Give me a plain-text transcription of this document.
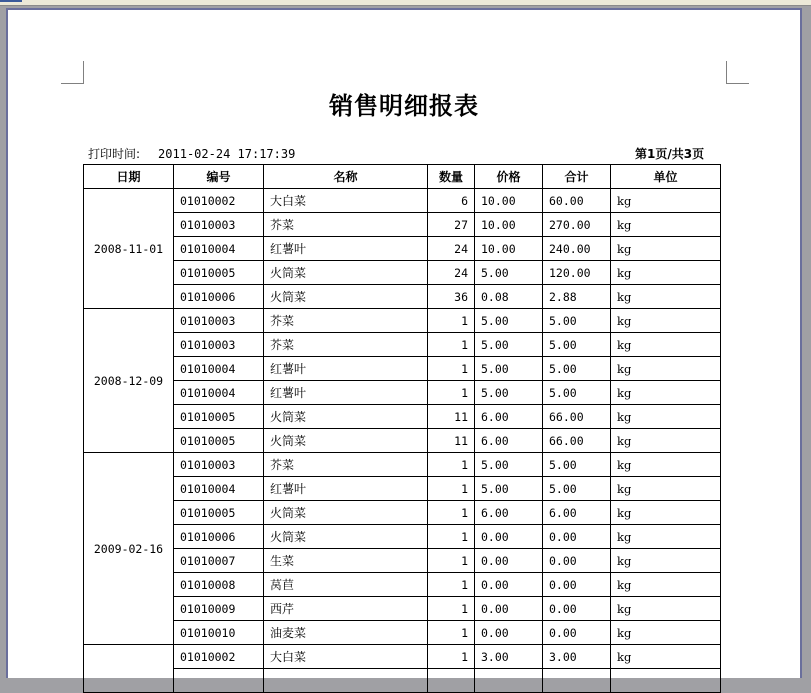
销售明细报表
打印时间: 2011-02-24 17:17:39	第1页/共3页
日期	编号	名称	数量	价格	合计	单位
2008-11-01	01010002	大白菜	6	10.00	60.00	kg
	01010003	芥菜	27	10.00	270.00	kg
	01010004	红薯叶	24	10.00	240.00	kg
	01010005	火筒菜	24	5.00	120.00	kg
	01010006	火筒菜	36	0.08	2.88	kg
2008-12-09	01010003	芥菜	1	5.00	5.00	kg
	01010003	芥菜	1	5.00	5.00	kg
	01010004	红薯叶	1	5.00	5.00	kg
	01010004	红薯叶	1	5.00	5.00	kg
	01010005	火筒菜	11	6.00	66.00	kg
	01010005	火筒菜	11	6.00	66.00	kg
2009-02-16	01010003	芥菜	1	5.00	5.00	kg
	01010004	红薯叶	1	5.00	5.00	kg
	01010005	火筒菜	1	6.00	6.00	kg
	01010006	火筒菜	1	0.00	0.00	kg
	01010007	生菜	1	0.00	0.00	kg
	01010008	莴苣	1	0.00	0.00	kg
	01010009	西芹	1	0.00	0.00	kg
	01010010	油麦菜	1	0.00	0.00	kg
	01010002	大白菜	1	3.00	3.00	kg
